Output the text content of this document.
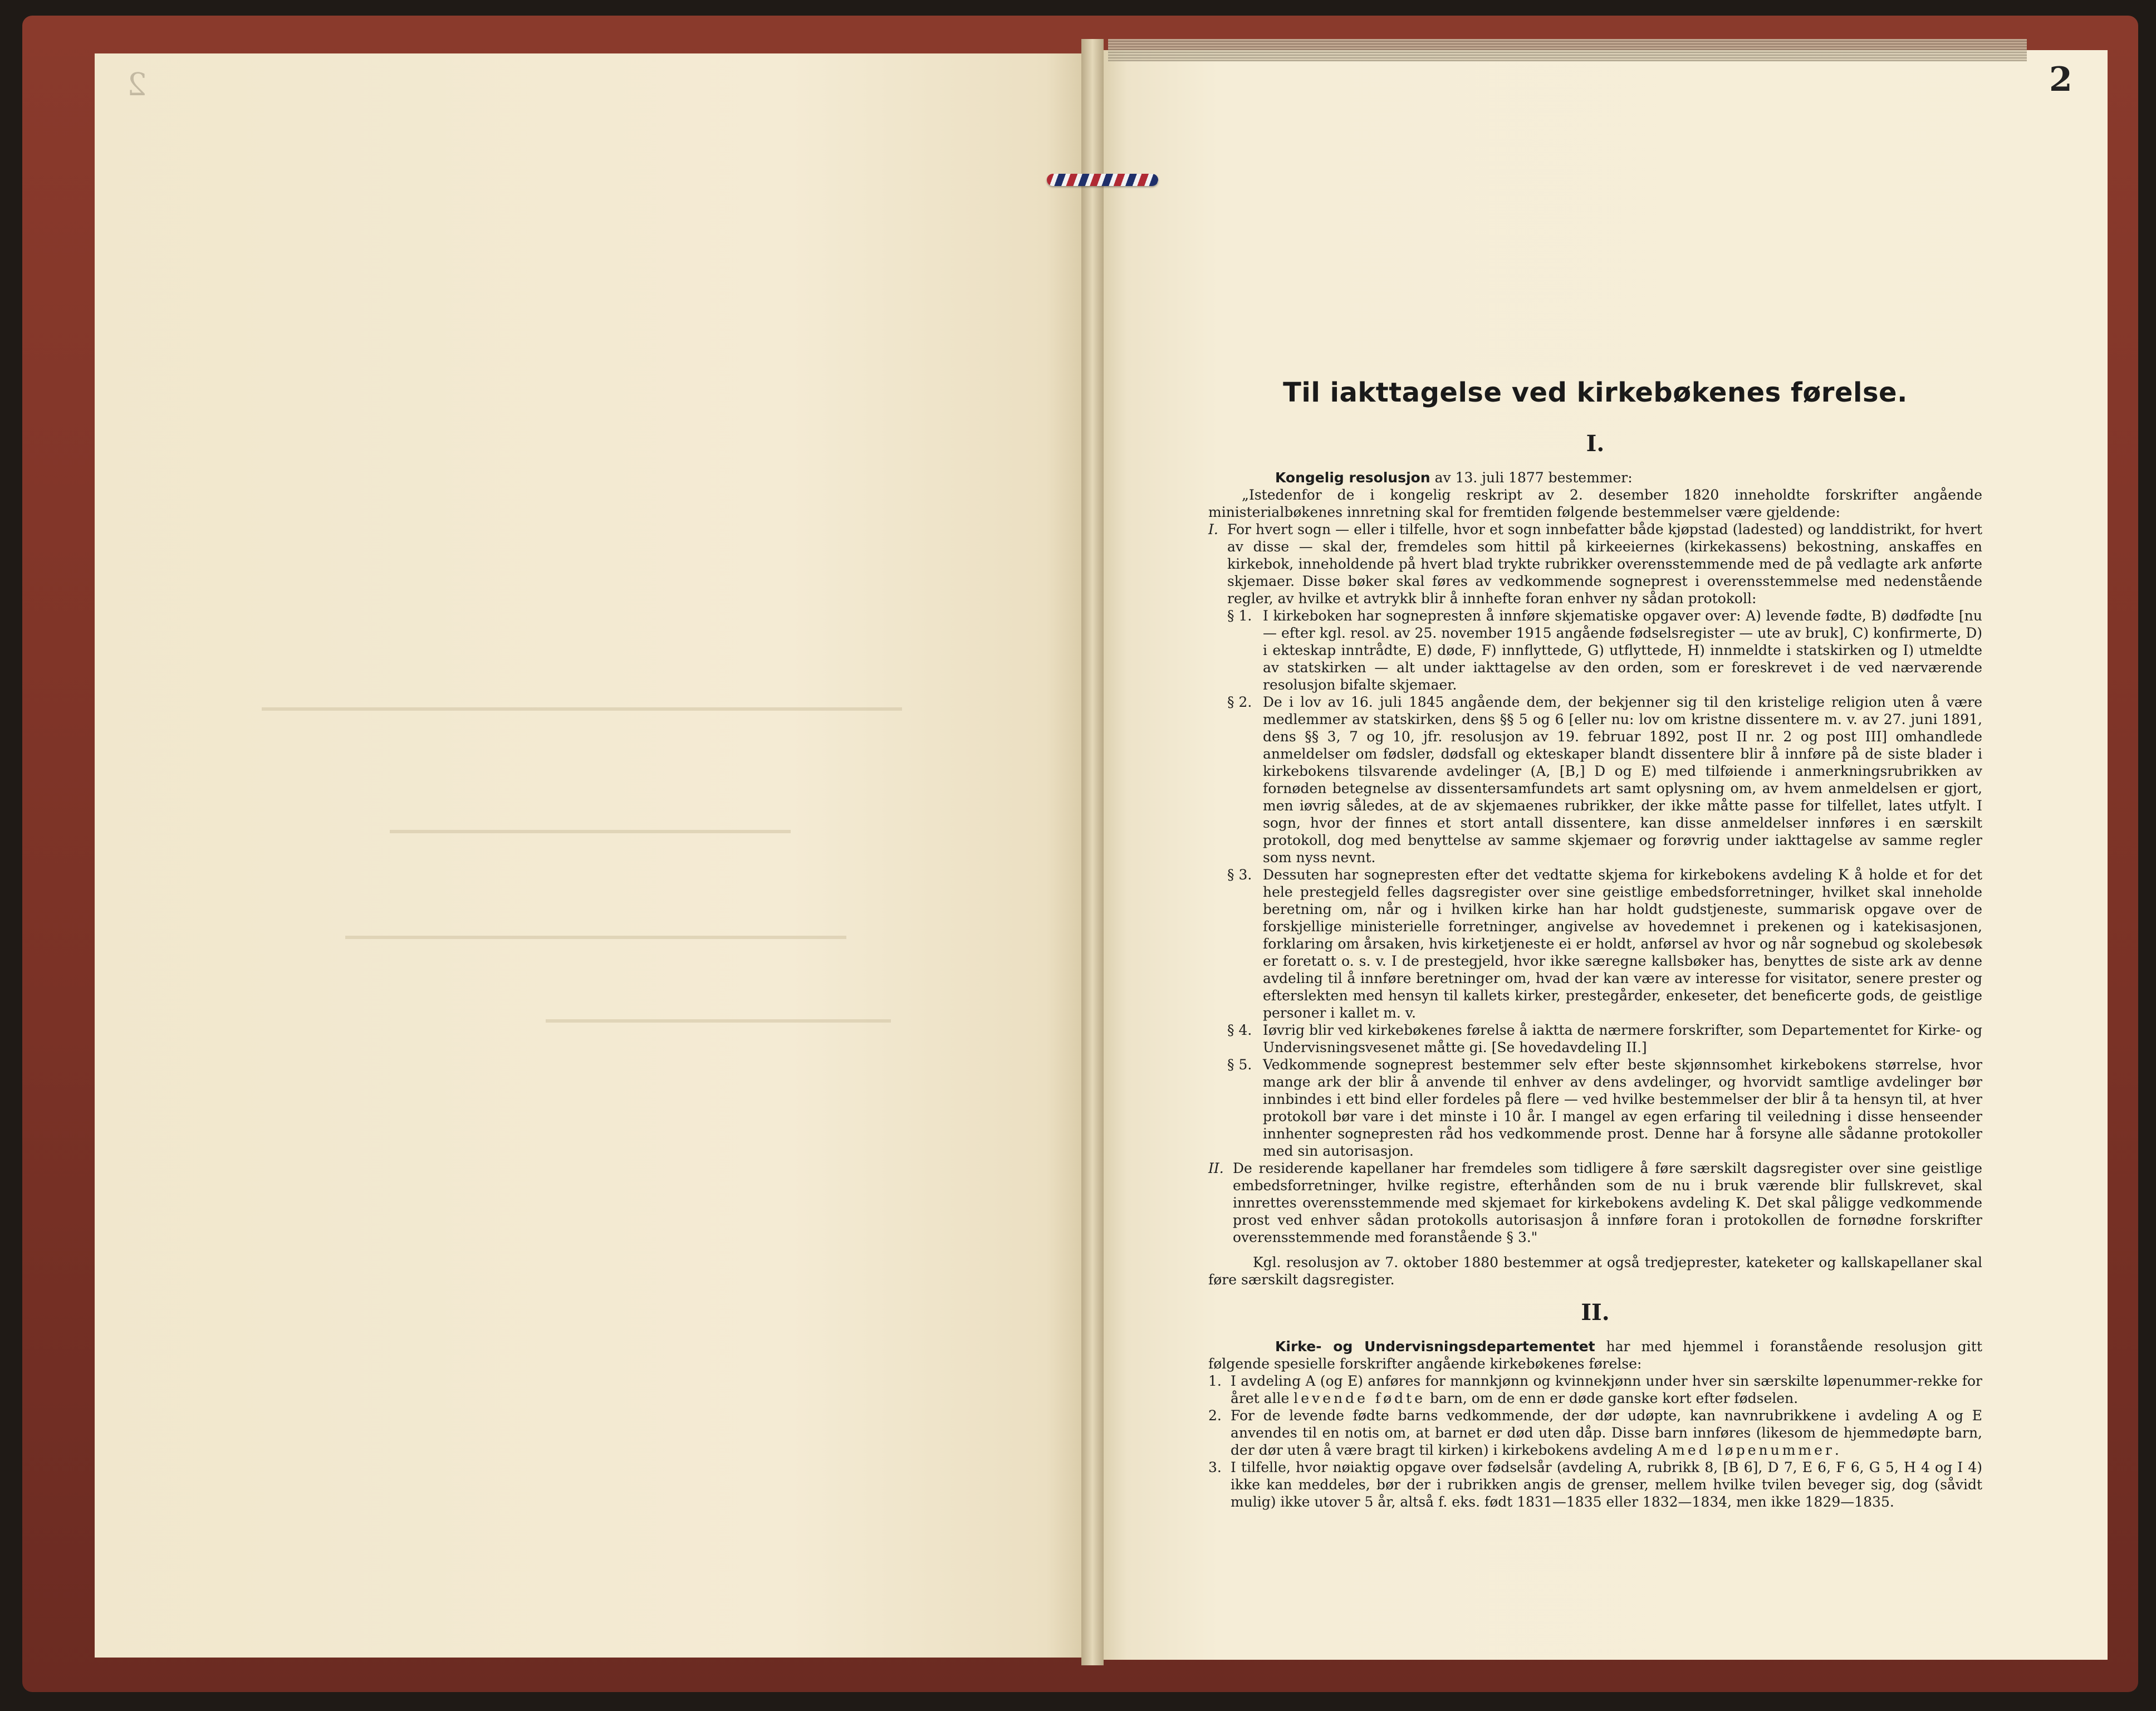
2	2
Til iakttagelse ved kirkebøkenes førelse.
I.

Kongelig resolusjon av 13. juli 1877 bestemmer:

„Istedenfor de i kongelig reskript av 2. desember 1820 inneholdte forskrifter angående ministerialbøkenes innretning skal for fremtiden følgende bestemmelser være gjeldende:

I. For hvert sogn — eller i tilfelle, hvor et sogn innbefatter både kjøpstad (ladested) og landdistrikt, for hvert av disse — skal der, fremdeles som hittil på kirkeeiernes (kirkekassens) bekostning, anskaffes en kirkebok, inneholdende på hvert blad trykte rubrikker overensstemmende med de på vedlagte ark anførte skjemaer. Disse bøker skal føres av vedkommende sogneprest i overensstemmelse med nedenstående regler, av hvilke et avtrykk blir å innhefte foran enhver ny sådan protokoll:
§ 1. I kirkeboken har sognepresten å innføre skjematiske opgaver over: A) levende fødte, B) dødfødte [nu — efter kgl. resol. av 25. november 1915 angående fødselsregister — ute av bruk], C) konfirmerte, D) i ekteskap inntrådte, E) døde, F) innflyttede, G) utflyttede, H) innmeldte i statskirken og I) utmeldte av statskirken — alt under iakttagelse av den orden, som er foreskrevet i de ved nærværende resolusjon bifalte skjemaer.
§ 2. De i lov av 16. juli 1845 angående dem, der bekjenner sig til den kristelige religion uten å være medlemmer av statskirken, dens §§ 5 og 6 [eller nu: lov om kristne dissentere m. v. av 27. juni 1891, dens §§ 3, 7 og 10, jfr. resolusjon av 19. februar 1892, post II nr. 2 og post III] omhandlede anmeldelser om fødsler, dødsfall og ekteskaper blandt dissentere blir å innføre på de siste blader i kirkebokens tilsvarende avdelinger (A, [B,] D og E) med tilføiende i anmerkningsrubrikken av fornøden betegnelse av dissentersamfundets art samt oplysning om, av hvem anmeldelsen er gjort, men iøvrig således, at de av skjemaenes rubrikker, der ikke måtte passe for tilfellet, lates utfylt. I sogn, hvor der finnes et stort antall dissentere, kan disse anmeldelser innføres i en særskilt protokoll, dog med benyttelse av samme skjemaer og forøvrig under iakttagelse av samme regler som nyss nevnt.
§ 3. Dessuten har sognepresten efter det vedtatte skjema for kirkebokens avdeling K å holde et for det hele prestegjeld felles dagsregister over sine geistlige embedsforretninger, hvilket skal inneholde beretning om, når og i hvilken kirke han har holdt gudstjeneste, summarisk opgave over de forskjellige ministerielle forretninger, angivelse av hovedemnet i prekenen og i katekisasjonen, forklaring om årsaken, hvis kirketjeneste ei er holdt, anførsel av hvor og når sognebud og skolebesøk er foretatt o. s. v. I de prestegjeld, hvor ikke særegne kallsbøker has, benyttes de siste ark av denne avdeling til å innføre beretninger om, hvad der kan være av interesse for visitator, senere prester og efterslekten med hensyn til kallets kirker, prestegårder, enkeseter, det beneficerte gods, de geistlige personer i kallet m. v.
§ 4. Iøvrig blir ved kirkebøkenes førelse å iaktta de nærmere forskrifter, som Departementet for Kirke- og Undervisningsvesenet måtte gi. [Se hovedavdeling II.]
§ 5. Vedkommende sogneprest bestemmer selv efter beste skjønnsomhet kirkebokens størrelse, hvor mange ark der blir å anvende til enhver av dens avdelinger, og hvorvidt samtlige avdelinger bør innbindes i ett bind eller fordeles på flere — ved hvilke bestemmelser der blir å ta hensyn til, at hver protokoll bør vare i det minste i 10 år. I mangel av egen erfaring til veiledning i disse henseender innhenter sognepresten råd hos vedkommende prost. Denne har å forsyne alle sådanne protokoller med sin autorisasjon.
II. De residerende kapellaner har fremdeles som tidligere å føre særskilt dagsregister over sine geistlige embedsforretninger, hvilke registre, efterhånden som de nu i bruk værende blir fullskrevet, skal innrettes overensstemmende med skjemaet for kirkebokens avdeling K. Det skal påligge vedkommende prost ved enhver sådan protokolls autorisasjon å innføre foran i protokollen de fornødne forskrifter overensstemmende med foranstående § 3."

Kgl. resolusjon av 7. oktober 1880 bestemmer at også tredjeprester, kateketer og kallskapellaner skal føre særskilt dagsregister.

II.

Kirke- og Undervisningsdepartementet har med hjemmel i foranstående resolusjon gitt følgende spesielle forskrifter angående kirkebøkenes førelse:

1. I avdeling A (og E) anføres for mannkjønn og kvinnekjønn under hver sin særskilte løpenummer-rekke for året alle levende fødte barn, om de enn er døde ganske kort efter fødselen.
2. For de levende fødte barns vedkommende, der dør udøpte, kan navnrubrikkene i avdeling A og E anvendes til en notis om, at barnet er død uten dåp. Disse barn innføres (likesom de hjemmedøpte barn, der dør uten å være bragt til kirken) i kirkebokens avdeling A med løpenummer.
3. I tilfelle, hvor nøiaktig opgave over fødselsår (avdeling A, rubrikk 8, [B 6], D 7, E 6, F 6, G 5, H 4 og I 4) ikke kan meddeles, bør der i rubrikken angis de grenser, mellem hvilke tvilen beveger sig, dog (såvidt mulig) ikke utover 5 år, altså f. eks. født 1831—1835 eller 1832—1834, men ikke 1829—1835.
